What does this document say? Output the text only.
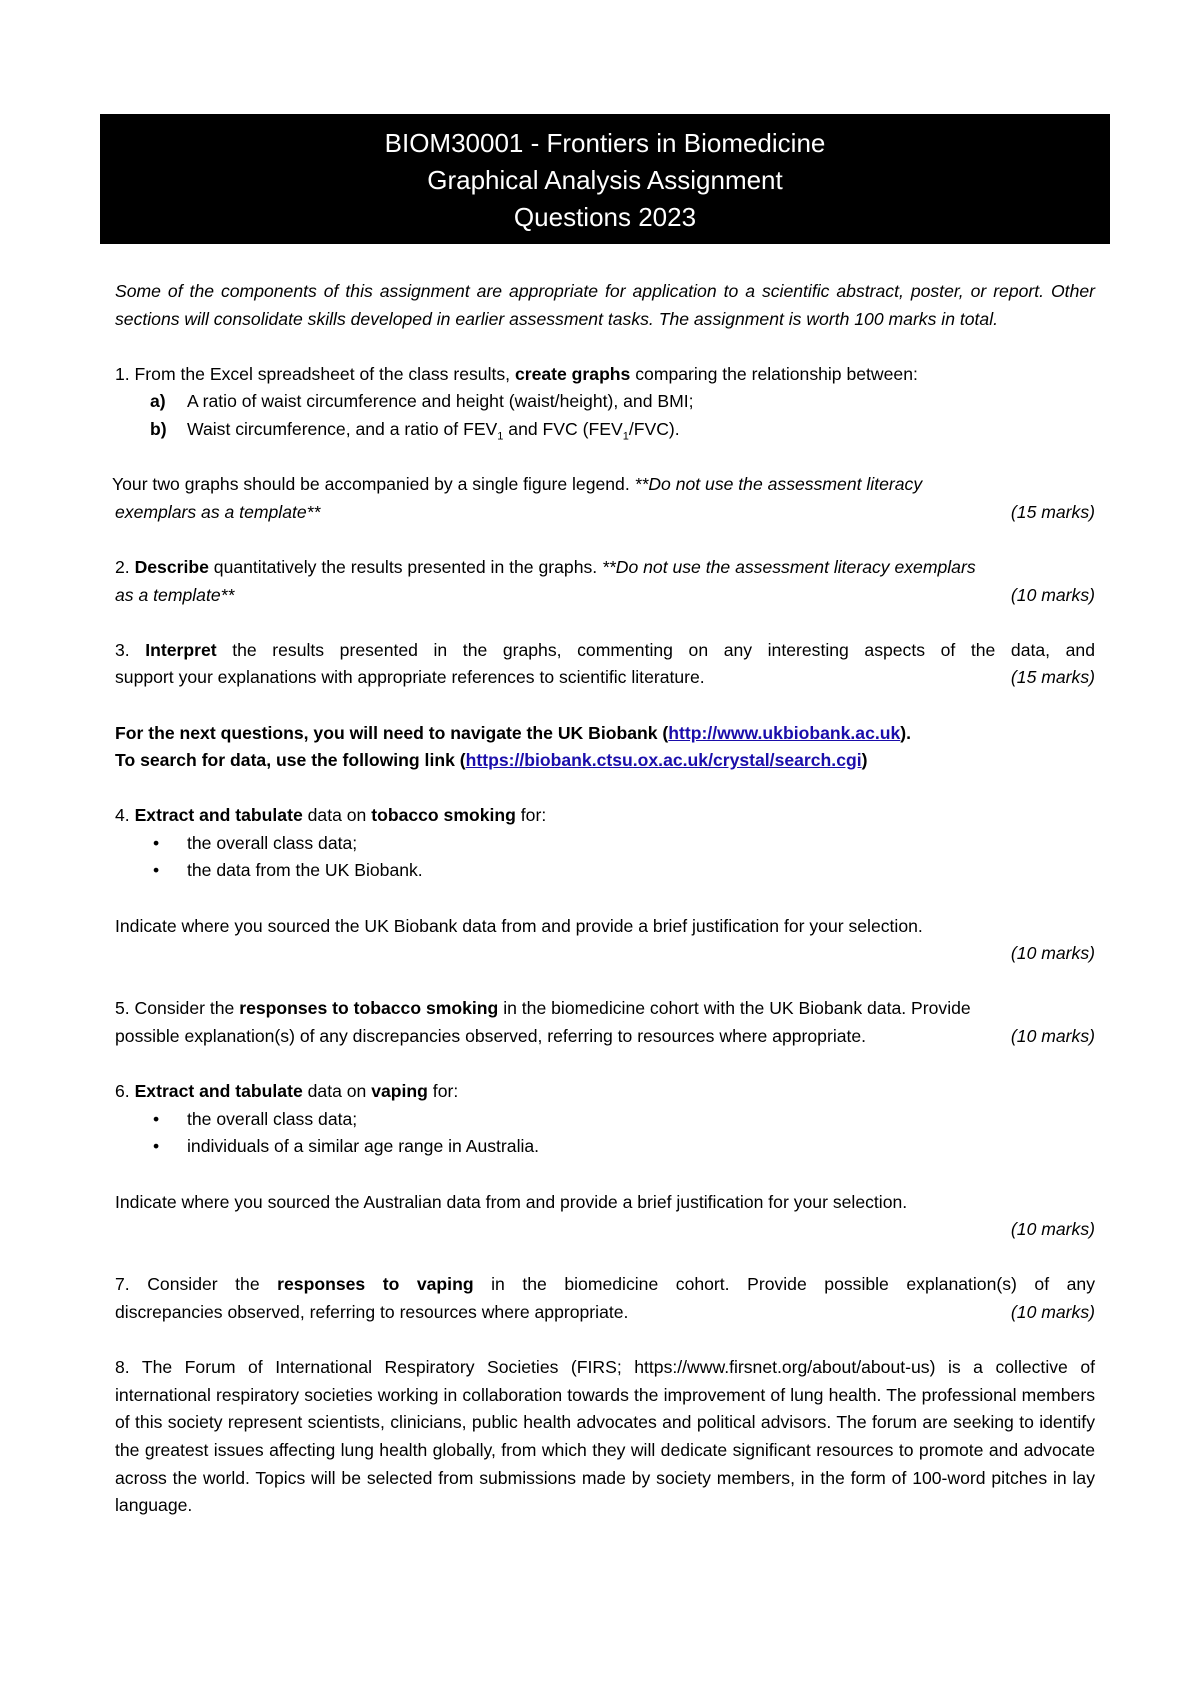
BIOM30001 - Frontiers in Biomedicine
Graphical Analysis Assignment
Questions 2023

Some of the components of this assignment are appropriate for application to a scientific abstract, poster, or report. Other sections will consolidate skills developed in earlier assessment tasks. The assignment is worth 100 marks in total.

1. From the Excel spreadsheet of the class results, create graphs comparing the relationship between:
a) A ratio of waist circumference and height (waist/height), and BMI;
b) Waist circumference, and a ratio of $FEV_1$ and FVC $(FEV_1/FVC)$.
Your two graphs should be accompanied by a single figure legend. **Do not use the assessment literacy
exemplars as a template**	(15 marks)
2. Describe quantitatively the results presented in the graphs. **Do not use the assessment literacy exemplars
as a template**	(10 marks)
3. Interpret the results presented in the graphs, commenting on any interesting aspects of the data, and
support your explanations with appropriate references to scientific literature.	(15 marks)
For the next questions, you will need to navigate the UK Biobank (http://www.ukbiobank.ac.uk).
To search for data, use the following link (https://biobank.ctsu.ox.ac.uk/crystal/search.cgi)
4. Extract and tabulate data on tobacco smoking for:
• the overall class data;
• the data from the UK Biobank.
Indicate where you sourced the UK Biobank data from and provide a brief justification for your selection.
(10 marks)
5. Consider the responses to tobacco smoking in the biomedicine cohort with the UK Biobank data. Provide
possible explanation(s) of any discrepancies observed, referring to resources where appropriate.	(10 marks)
6. Extract and tabulate data on vaping for:
• the overall class data;
• individuals of a similar age range in Australia.
Indicate where you sourced the Australian data from and provide a brief justification for your selection.
(10 marks)
7. Consider the responses to vaping in the biomedicine cohort. Provide possible explanation(s) of any
discrepancies observed, referring to resources where appropriate.	(10 marks)

8. The Forum of International Respiratory Societies (FIRS; https://www.firsnet.org/about/about-us) is a collective of international respiratory societies working in collaboration towards the improvement of lung health. The professional members of this society represent scientists, clinicians, public health advocates and political advisors. The forum are seeking to identify the greatest issues affecting lung health globally, from which they will dedicate significant resources to promote and advocate across the world. Topics will be selected from submissions made by society members, in the form of 100-word pitches in lay language.
